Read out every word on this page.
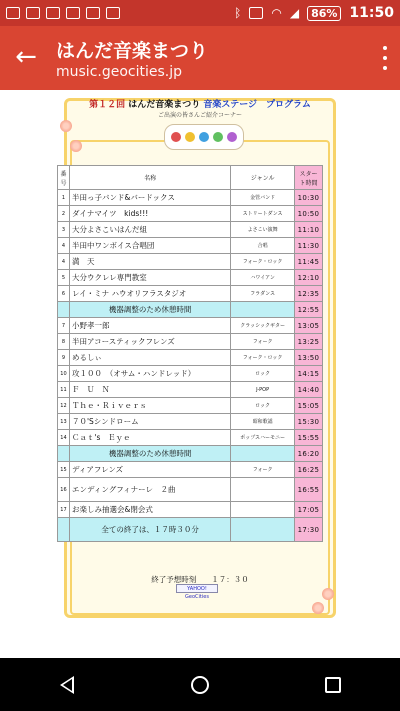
ᛒ	◠ ◢	86% 11:50
← はんだ音楽まつり
music.geocities.jp
第１２回 はんだ音楽まつり 音楽ステージ　プログラム
ご出演の皆さんご紹介コーナー
番号	名称	ジャンル	スタート時間
1	半田っ子バンド&バードックス	金管バンド	10:30
2	ダイナマイツ　kids!!!	ストリートダンス	10:50
3	大分よさこいはんだ組	よさこい演舞	11:10
4	半田中ワンボイス合唱団	合唱	11:30
4	満　天	フォーク・ロック	11:45
5	大分ウクレレ専門教室	ハワイアン	12:10
6	レイ・ミナ ハウオリフラスタジオ	フラダンス	12:35
	機器調整のため休憩時間		12:55
7	小野孝一郎	クラッシックギター	13:05
8	半田アコースティックフレンズ	フォーク	13:25
9	めるしぃ	フォーク・ロック	13:50
10	攻１００　（オサム・ハンドレッド）	ロック	14:15
11	Ｆ　Ｕ　Ｎ	J-POP	14:40
12	Ｔｈｅ・Ｒｉｖｅｒｓ	ロック	15:05
13	７０'Sシンドローム	昭和歌謡	15:30
14	Ｃａｔ's　Ｅｙｅ	ポップスハーモニー	15:55
	機器調整のため休憩時間		16:20
15	ディアフレンズ	フォーク	16:25
16	エンディングフィナーレ　２曲		16:55
17	お楽しみ抽選会&閉会式		17:05
	全ての終了は、１７時３０分		17:30
終了予想時刻　　１７：３０
YAHOO! GeoCities
